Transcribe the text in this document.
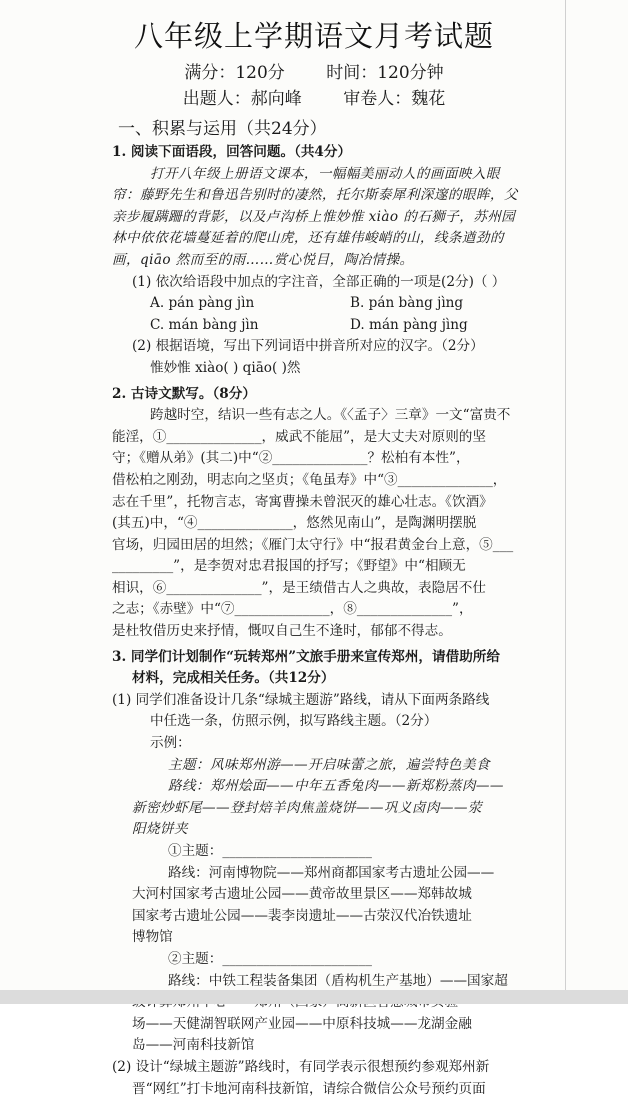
八年级上学期语文月考试题
满分：120分 时间：120分钟
出题人：郝向峰 审卷人：魏花
一、积累与运用（共24分）

1. 阅读下面语段，回答问题。（共4分）

打开八年级上册语文课本，一幅幅美丽动人的画面映入眼

帘：藤野先生和鲁迅告别时的凄然，托尔斯泰犀利深邃的眼眸，父

亲步履蹒跚的背影，以及卢沟桥上惟妙惟 xiào 的石狮子，苏州园

林中依依花墙蔓延着的爬山虎，还有雄伟峻峭的山，线条遒劲的

画，qiāo 然而至的雨……赏心悦目，陶冶情操。

(1) 依次给语段中加点的字注音，全部正确的一项是(2分)（ ）

A. pán pàng jìn	B. pán bàng jìng

C. mán bàng jìn	D. mán pàng jìng

(2) 根据语境，写出下列词语中拼音所对应的汉字。（2分）

惟妙惟 xiào( ) qiāo( )然

2. 古诗文默写。（8分）

跨越时空，结识一些有志之人。《〈孟子〉三章》一文“富贵不

能淫，①______________，威武不能屈”，是大丈夫对原则的坚

守；《赠从弟》(其二)中“②______________？松柏有本性”，

借松柏之刚劲，明志向之坚贞；《龟虽寿》中“③______________，

志在千里”，托物言志，寄寓曹操未曾泯灭的雄心壮志。《饮酒》

(其五)中，“④______________，悠然见南山”，是陶渊明摆脱

官场，归园田居的坦然；《雁门太守行》中“报君黄金台上意，⑤___

_________”，是李贺对忠君报国的抒写；《野望》中“相顾无

相识，⑥______________”，是王绩借古人之典故，表隐居不仕

之志；《赤壁》中“⑦______________，⑧______________”，

是杜牧借历史来抒情，慨叹自己生不逢时，郁郁不得志。

3. 同学们计划制作“玩转郑州”文旅手册来宣传郑州，请借助所给

材料，完成相关任务。（共12分）

(1) 同学们准备设计几条“绿城主题游”路线，请从下面两条路线

中任选一条，仿照示例，拟写路线主题。（2分）

示例：

主题：风味郑州游——开启味蕾之旅，遍尝特色美食

路线：郑州烩面——中年五香兔肉——新郑粉蒸肉——

新密炒虾尾——登封焙羊肉焦盖烧饼——巩义卤肉——荥

阳烧饼夹

①主题：______________________

路线：河南博物院——郑州商都国家考古遗址公园——

大河村国家考古遗址公园——黄帝故里景区——郑韩故城

国家考古遗址公园——裴李岗遗址——古荥汉代冶铁遗址

博物馆

②主题：______________________

路线：中铁工程装备集团（盾构机生产基地）——国家超

场——天健湖智联网产业园——中原科技城——龙湖金融

岛——河南科技新馆

(2) 设计“绿城主题游”路线时，有同学表示很想预约参观郑州新

晋“网红”打卡地河南科技新馆，请综合微信公众号预约页面
